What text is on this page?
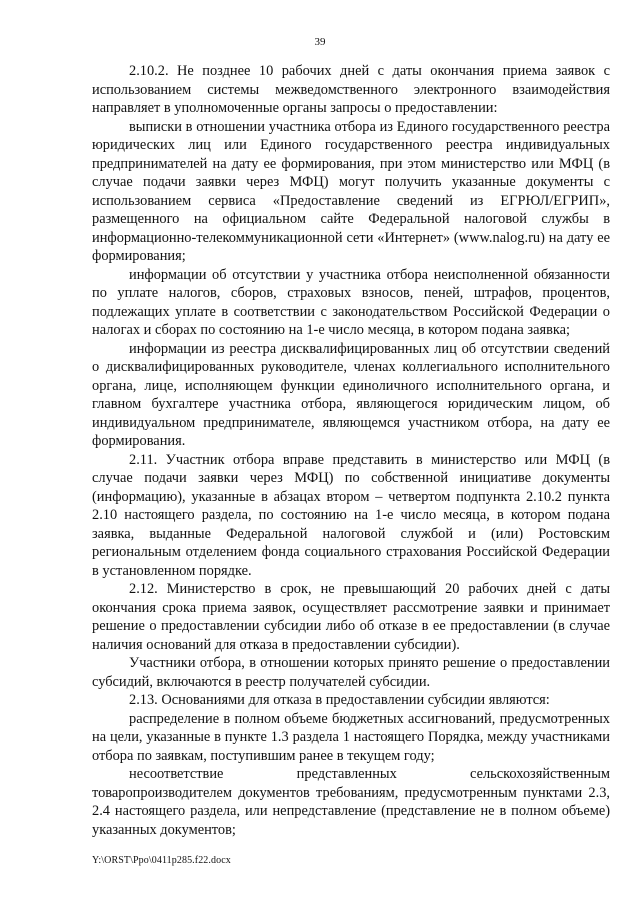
39

2.10.2. Не позднее 10 рабочих дней с даты окончания приема заявок с использованием системы межведомственного электронного взаимодействия направляет в уполномоченные органы запросы о предоставлении:

выписки в отношении участника отбора из Единого государственного реестра юридических лиц или Единого государственного реестра индивидуальных предпринимателей на дату ее формирования, при этом министерство или МФЦ (в случае подачи заявки через МФЦ) могут получить указанные документы с использованием сервиса «Предоставление сведений из ЕГРЮЛ/ЕГРИП», размещенного на официальном сайте Федеральной налоговой службы в информационно-телекоммуникационной сети «Интернет» (www.nalog.ru) на дату ее формирования;

информации об отсутствии у участника отбора неисполненной обязанности по уплате налогов, сборов, страховых взносов, пеней, штрафов, процентов, подлежащих уплате в соответствии с законодательством Российской Федерации о налогах и сборах по состоянию на 1-е число месяца, в котором подана заявка;

информации из реестра дисквалифицированных лиц об отсутствии сведений о дисквалифицированных руководителе, членах коллегиального исполнительного органа, лице, исполняющем функции единоличного исполнительного органа, и главном бухгалтере участника отбора, являющегося юридическим лицом, об индивидуальном предпринимателе, являющемся участником отбора, на дату ее формирования.

2.11. Участник отбора вправе представить в министерство или МФЦ (в случае подачи заявки через МФЦ) по собственной инициативе документы (информацию), указанные в абзацах втором – четвертом подпункта 2.10.2 пункта 2.10 настоящего раздела, по состоянию на 1-е число месяца, в котором подана заявка, выданные Федеральной налоговой службой и (или) Ростовским региональным отделением фонда социального страхования Российской Федерации в установленном порядке.

2.12. Министерство в срок, не превышающий 20 рабочих дней с даты окончания срока приема заявок, осуществляет рассмотрение заявки и принимает решение о предоставлении субсидии либо об отказе в ее предоставлении (в случае наличия оснований для отказа в предоставлении субсидии).

Участники отбора, в отношении которых принято решение о предоставлении субсидий, включаются в реестр получателей субсидии.

2.13. Основаниями для отказа в предоставлении субсидии являются:

распределение в полном объеме бюджетных ассигнований, предусмотренных на цели, указанные в пункте 1.3 раздела 1 настоящего Порядка, между участниками отбора по заявкам, поступившим ранее в текущем году;

несоответствие представленных сельскохозяйственным товаропроизводителем документов требованиям, предусмотренным пунктами 2.3, 2.4 настоящего раздела, или непредставление (представление не в полном объеме) указанных документов;

Y:\ORST\Ppo\0411p285.f22.docx
